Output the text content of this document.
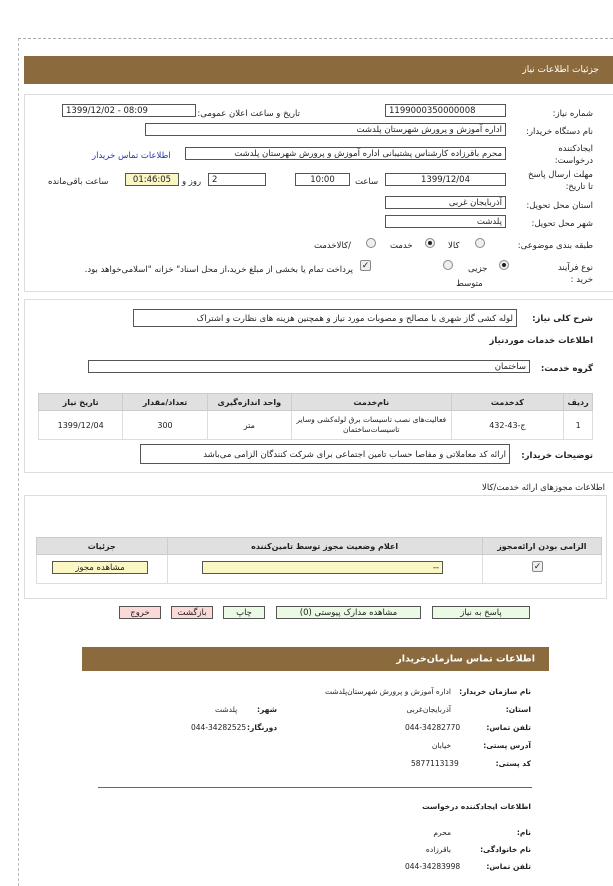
جزئیات اطلاعات نیاز
شماره نیاز:
1199000350000008
تاریخ و ساعت اعلان عمومی:
1399/12/02 - 08:09
نام دستگاه خریدار:
اداره آموزش و پرورش شهرستان پلدشت
ایجادکننده درخواست:
محرم باقرزاده کارشناس پشتیبانی اداره آموزش و پرورش شهرستان پلدشت
اطلاعات تماس خریدار
مهلت ارسال پاسخ تا تاریخ:
1399/12/04
ساعت
10:00
2
روز و
01:46:05
ساعت باقی‌مانده
استان محل تحویل:
آذربایجان غربی
شهر محل تحویل:
پلدشت
طبقه بندی موضوعی:
کالا
خدمت
/کالاخدمت
نوع فرآیند خرید :
جزیی
متوسط
✓
پرداخت تمام یا بخشی از مبلغ خرید،از محل اسناد" خزانه "اسلامی‌خواهد بود.
شرح کلی نیاز:
لوله کشی گاز شهری با مصالح و مصوبات مورد نیاز و همچنین هزینه های نظارت و اشتراک
اطلاعات خدمات موردنیاز
گروه خدمت:
ساختمان
ردیف	کدخدمت	نام‌خدمت	واحد اندازه‌گیری	تعداد/مقدار	تاریخ نیاز
1	ج-43-432	فعالیت‌های نصب تاسیسات برق لوله‌کشی وسایر تاسیسات‌ساختمان	متر	300	1399/12/04
توضیحات خریدار:
ارائه کد معاملاتی و مفاصا حساب تامین اجتماعی برای شرکت کنندگان الزامی می‌باشد
اطلاعات مجوزهای ارائه خدمت/کالا
الزامی بودن ارائه‌مجوز	اعلام وضعیت مجوز توسط تامین‌کننده	جزئیات

✓
--
مشاهده مجوز
پاسخ به نیاز
مشاهده مدارک پیوستی (0)
چاپ
بازگشت
خروج
اطلاعات تماس سازمان‌خریدار
نام سازمان خریدار:
اداره آموزش و پرورش شهرستان‌پلدشت
استان:
آذربایجان‌غربی
شهر:
پلدشت
تلفن تماس:
044-34282770
دورنگار:
044-34282525
آدرس پستی:
خیابان
کد پستی:
5877113139
اطلاعات ایجادکننده درخواست
نام:
محرم
نام خانوادگی:
باقرزاده
تلفن تماس:
044-34283998
